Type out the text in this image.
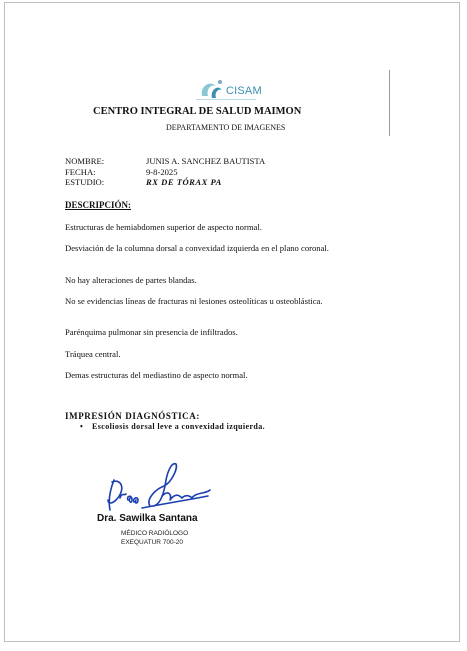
CISAM
CENTRO INTEGRAL DE SALUD MAIMON
DEPARTAMENTO DE IMAGENES
NOMBRE:	JUNIS A. SANCHEZ BAUTISTA
FECHA:	9-8-2025
ESTUDIO:	RX DE TÓRAX PA
DESCRIPCIÓN:
Estructuras de hemiabdomen superior de aspecto normal.
Desviación de la columna dorsal a convexidad izquierda en el plano coronal.
No hay alteraciones de partes blandas.
No se evidencias líneas de fracturas ni lesiones osteolíticas u osteoblástica.
Parénquima pulmonar sin presencia de infiltrados.
Tráquea central.
Demas estructuras del mediastino de aspecto normal.
IMPRESIÓN DIAGNÓSTICA:
• Escoliosis dorsal leve a convexidad izquierda.
Dra. Sawilka Santana
MÉDICO RADIÓLOGO
EXEQUATUR 700-20
